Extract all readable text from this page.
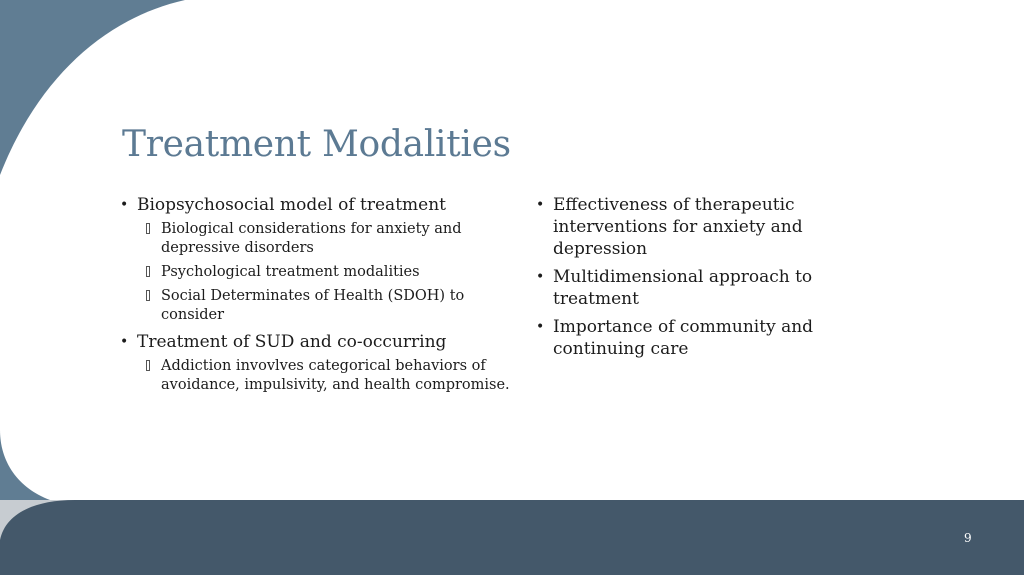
Treatment Modalities
• Biopsychosocial model of treatment
Biological considerations for anxiety and depressive disorders
Psychological treatment modalities
Social Determinates of Health (SDOH) to consider
• Treatment of SUD and co-occurring
Addiction invovlves categorical behaviors of avoidance, impulsivity, and health compromise.
• Effectiveness of therapeutic interventions for anxiety and depression
• Multidimensional approach to treatment
• Importance of community and continuing care
9
